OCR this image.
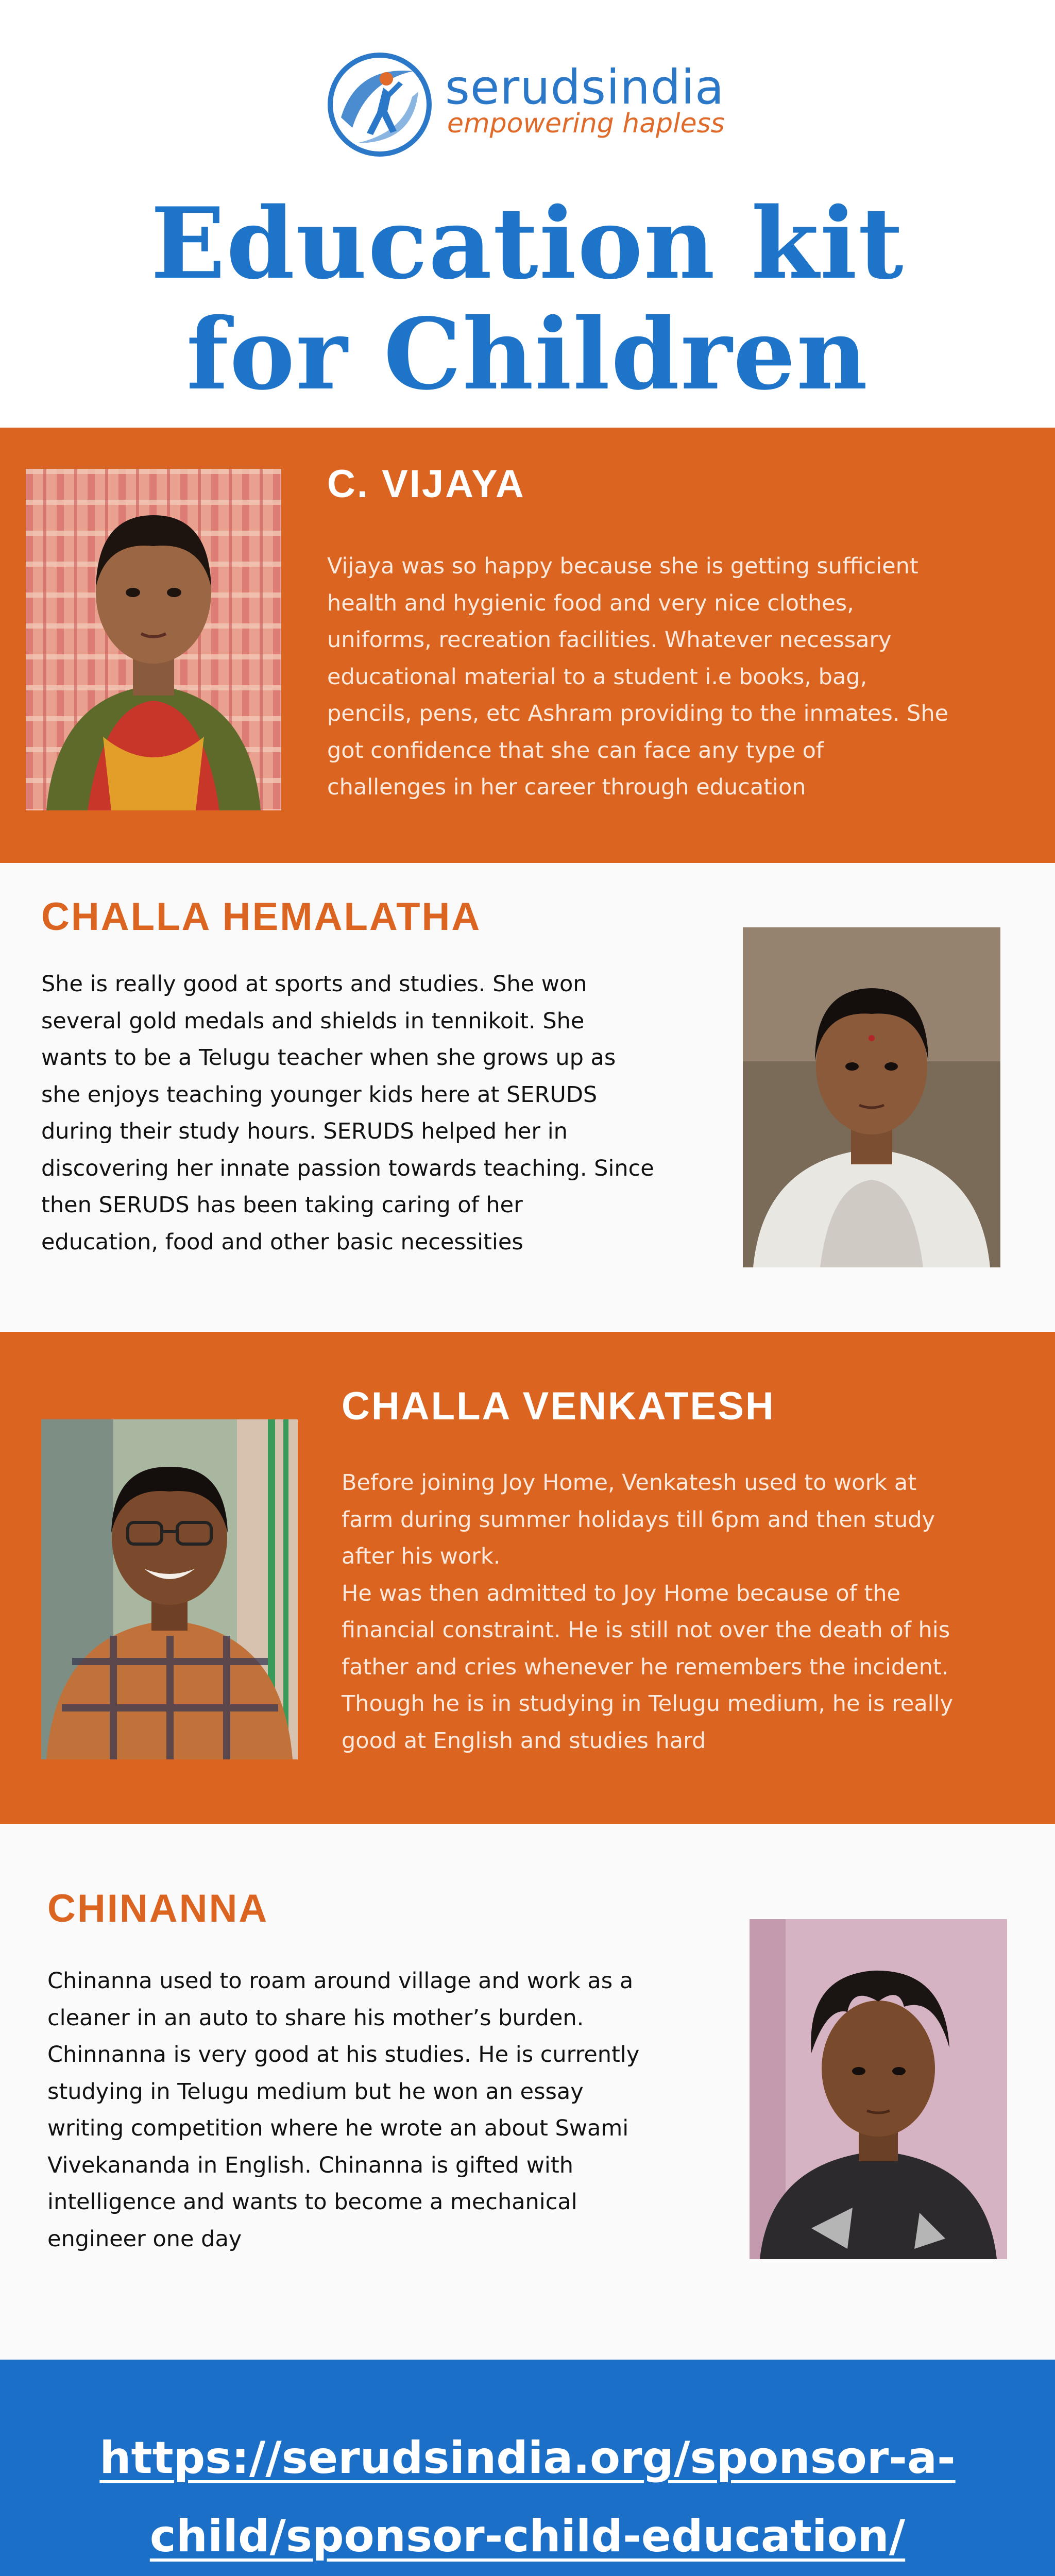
serudsindia
empowering hapless
Education kit
for Children
C. VIJAYA

Vijaya was so happy because she is getting sufficient
health and hygienic food and very nice clothes,
uniforms, recreation facilities. Whatever necessary
educational material to a student i.e books, bag,
pencils, pens, etc Ashram providing to the inmates. She
got confidence that she can face any type of
challenges in her career through education

CHALLA HEMALATHA

She is really good at sports and studies. She won
several gold medals and shields in tennikoit. She
wants to be a Telugu teacher when she grows up as
she enjoys teaching younger kids here at SERUDS
during their study hours. SERUDS helped her in
discovering her innate passion towards teaching. Since
then SERUDS has been taking caring of her
education, food and other basic necessities

CHALLA VENKATESH

Before joining Joy Home, Venkatesh used to work at
farm during summer holidays till 6pm and then study
after his work.
He was then admitted to Joy Home because of the
financial constraint. He is still not over the death of his
father and cries whenever he remembers the incident.
Though he is in studying in Telugu medium, he is really
good at English and studies hard

CHINANNA

Chinanna used to roam around village and work as a
cleaner in an auto to share his mother’s burden.
Chinnanna is very good at his studies. He is currently
studying in Telugu medium but he won an essay
writing competition where he wrote an about Swami
Vivekananda in English. Chinanna is gifted with
intelligence and wants to become a mechanical
engineer one day

https://serudsindia.org/sponsor-a-
child/sponsor-child-education/
